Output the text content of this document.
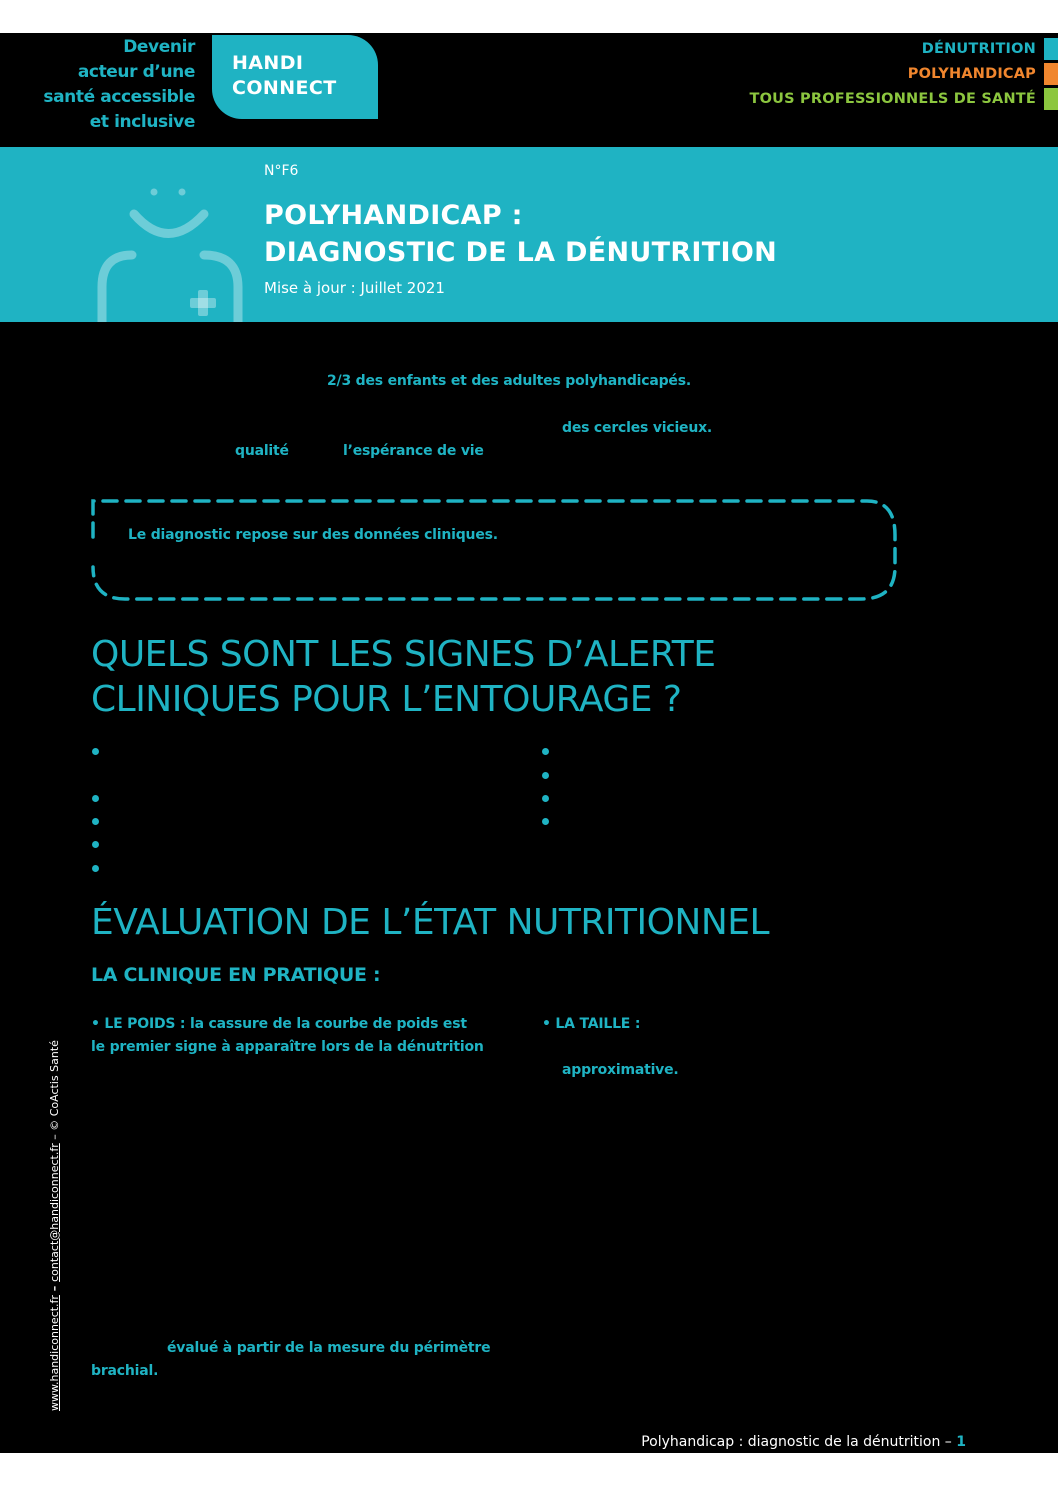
Devenir
acteur d’une
santé accessible
et inclusive
HANDI
CONNECT
DÉNUTRITION
POLYHANDICAP
TOUS PROFESSIONNELS DE SANTÉ
N°F6
POLYHANDICAP :
DIAGNOSTIC DE LA DÉNUTRITION
Mise à jour : Juillet 2021
2/3 des enfants et des adultes polyhandicapés.
des cercles vicieux.
qualité	l’espérance de vie
Le diagnostic repose sur des données cliniques.
QUELS SONT LES SIGNES D’ALERTE
CLINIQUES POUR L’ENTOURAGE ?
ÉVALUATION DE L’ÉTAT NUTRITIONNEL
LA CLINIQUE EN PRATIQUE :
• LE POIDS : la cassure de la courbe de poids est
le premier signe à apparaître lors de la dénutrition
• LA TAILLE :
approximative.
évalué à partir de la mesure du périmètre
brachial.
www.handiconnect.fr – contact@handiconnect.fr – © CoActis Santé
Polyhandicap : diagnostic de la dénutrition – 1
